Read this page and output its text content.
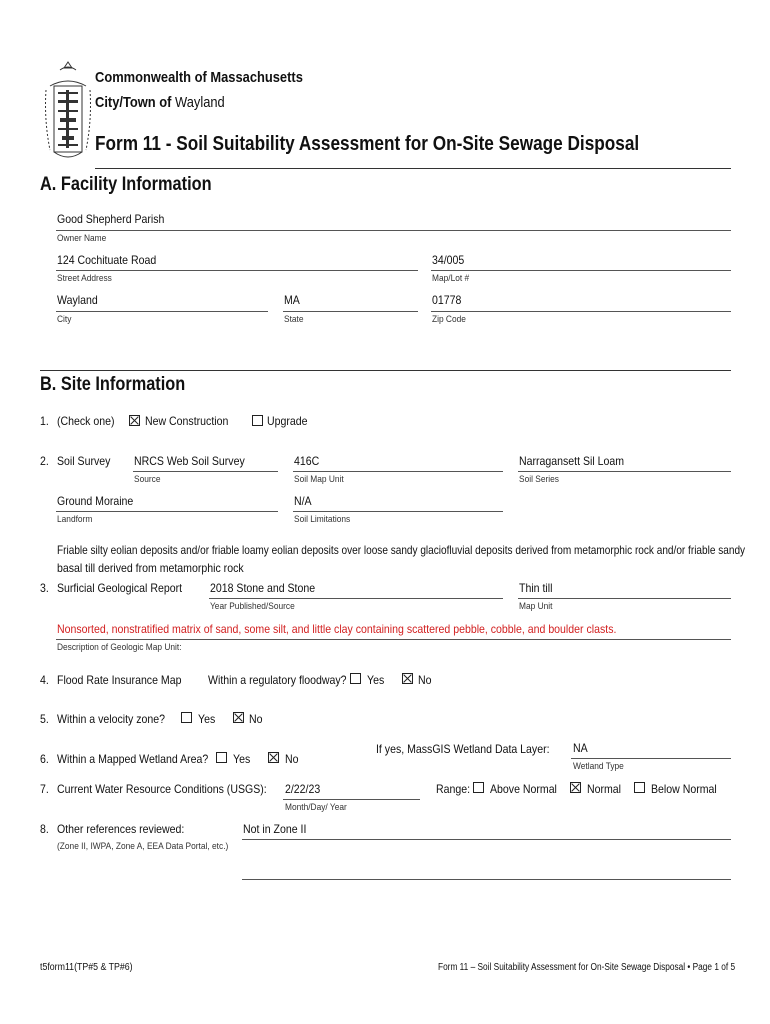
Commonwealth of Massachusetts
City/Town of Wayland
Form 11 - Soil Suitability Assessment for On-Site Sewage Disposal
A. Facility Information
Good Shepherd Parish
Owner Name
124 Cochituate Road
Street Address
34/005
Map/Lot #
Wayland
City
MA
State
01778
Zip Code
B. Site Information
1. (Check one)	New Construction	Upgrade
2. Soil Survey NRCS Web Soil Survey
Source
416C
Soil Map Unit
Narragansett Sil Loam
Soil Series
Ground Moraine
Landform
N/A
Soil Limitations
Friable silty eolian deposits and/or friable loamy eolian deposits over loose sandy glaciofluvial deposits derived from metamorphic rock and/or friable sandy
basal till derived from metamorphic rock
3. Surficial Geological Report 2018 Stone and Stone
Year Published/Source
Thin till
Map Unit
Nonsorted, nonstratified matrix of sand, some silt, and little clay containing scattered pebble, cobble, and boulder clasts.
Description of Geologic Map Unit:
4. Flood Rate Insurance Map Within a regulatory floodway? Yes	No
5. Within a velocity zone?	Yes	No
6. Within a Mapped Wetland Area? Yes	No
If yes, MassGIS Wetland Data Layer: NA
Wetland Type
7. Current Water Resource Conditions (USGS): 2/22/23
Month/Day/ Year
Range: Above Normal	Normal Below Normal
8. Other references reviewed:
(Zone II, IWPA, Zone A, EEA Data Portal, etc.)
Not in Zone II
t5form11(TP#5 & TP#6)	Form 11 – Soil Suitability Assessment for On-Site Sewage Disposal • Page 1 of 5
